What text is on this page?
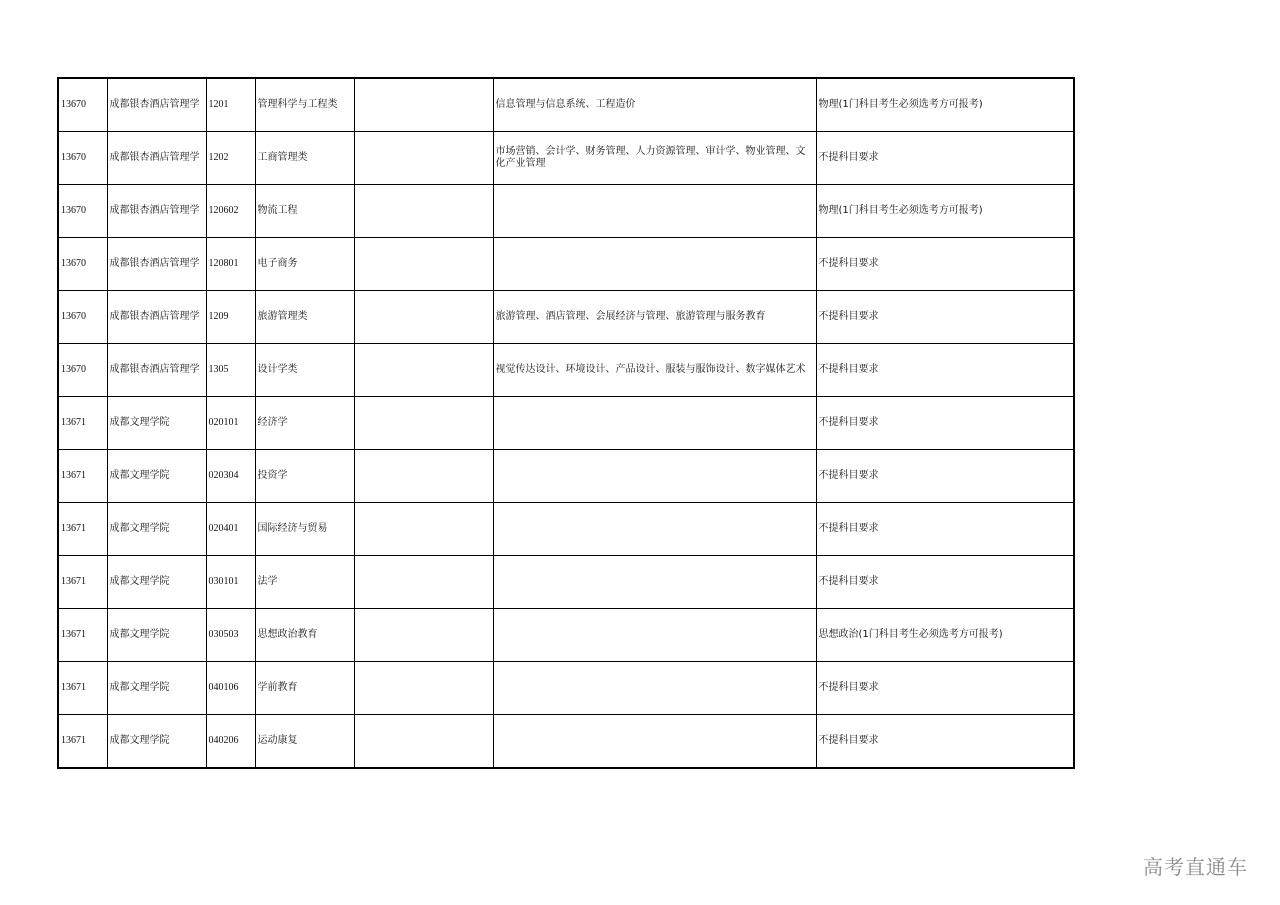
13670	成都银杏酒店管理学	1201	管理科学与工程类		信息管理与信息系统、工程造价	物理(1门科目考生必须选考方可报考)
13670	成都银杏酒店管理学	1202	工商管理类		市场营销、会计学、财务管理、人力资源管理、审计学、物业管理、文化产业管理	不提科目要求
13670	成都银杏酒店管理学	120602	物流工程			物理(1门科目考生必须选考方可报考)
13670	成都银杏酒店管理学	120801	电子商务			不提科目要求
13670	成都银杏酒店管理学	1209	旅游管理类		旅游管理、酒店管理、会展经济与管理、旅游管理与服务教育	不提科目要求
13670	成都银杏酒店管理学	1305	设计学类		视觉传达设计、环境设计、产品设计、服装与服饰设计、数字媒体艺术	不提科目要求
13671	成都文理学院	020101	经济学			不提科目要求
13671	成都文理学院	020304	投资学			不提科目要求
13671	成都文理学院	020401	国际经济与贸易			不提科目要求
13671	成都文理学院	030101	法学			不提科目要求
13671	成都文理学院	030503	思想政治教育			思想政治(1门科目考生必须选考方可报考)
13671	成都文理学院	040106	学前教育			不提科目要求
13671	成都文理学院	040206	运动康复			不提科目要求
高考直通车
